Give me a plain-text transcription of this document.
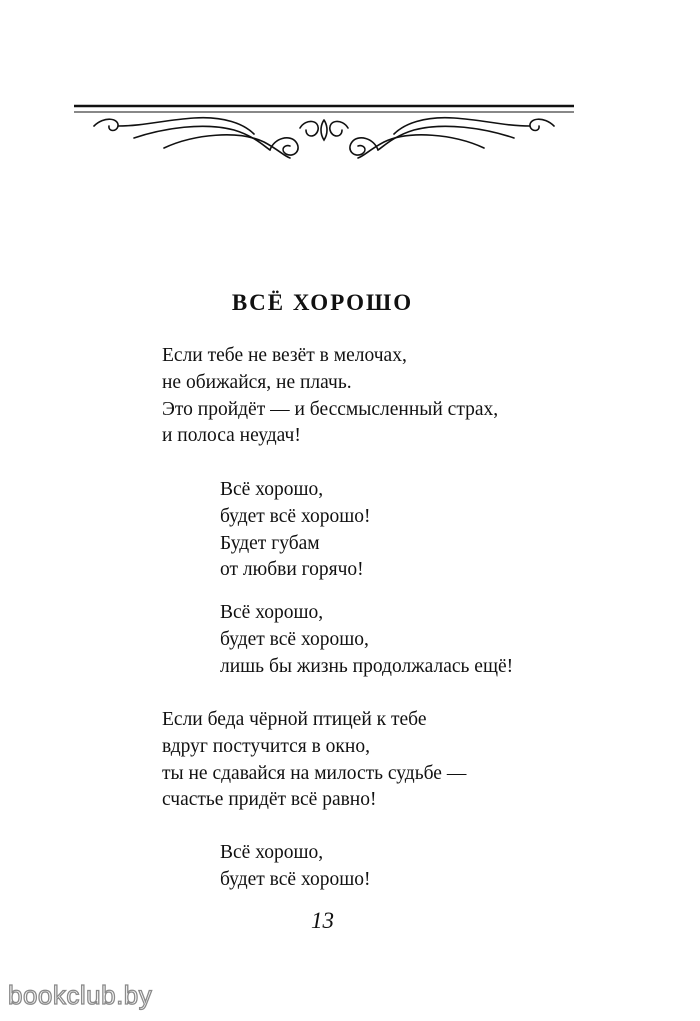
ВСЁ ХОРОШО
Если тебе не везёт в мелочах,
не обижайся, не плачь.
Это пройдёт — и бессмысленный страх,
и полоса неудач!
Всё хорошо,
будет всё хорошо!
Будет губам
от любви горячо!
Всё хорошо,
будет всё хорошо,
лишь бы жизнь продолжалась ещё!
Если беда чёрной птицей к тебе
вдруг постучится в окно,
ты не сдавайся на милость судьбе —
счастье придёт всё равно!
Всё хорошо,
будет всё хорошо!
13
bookclub.by
